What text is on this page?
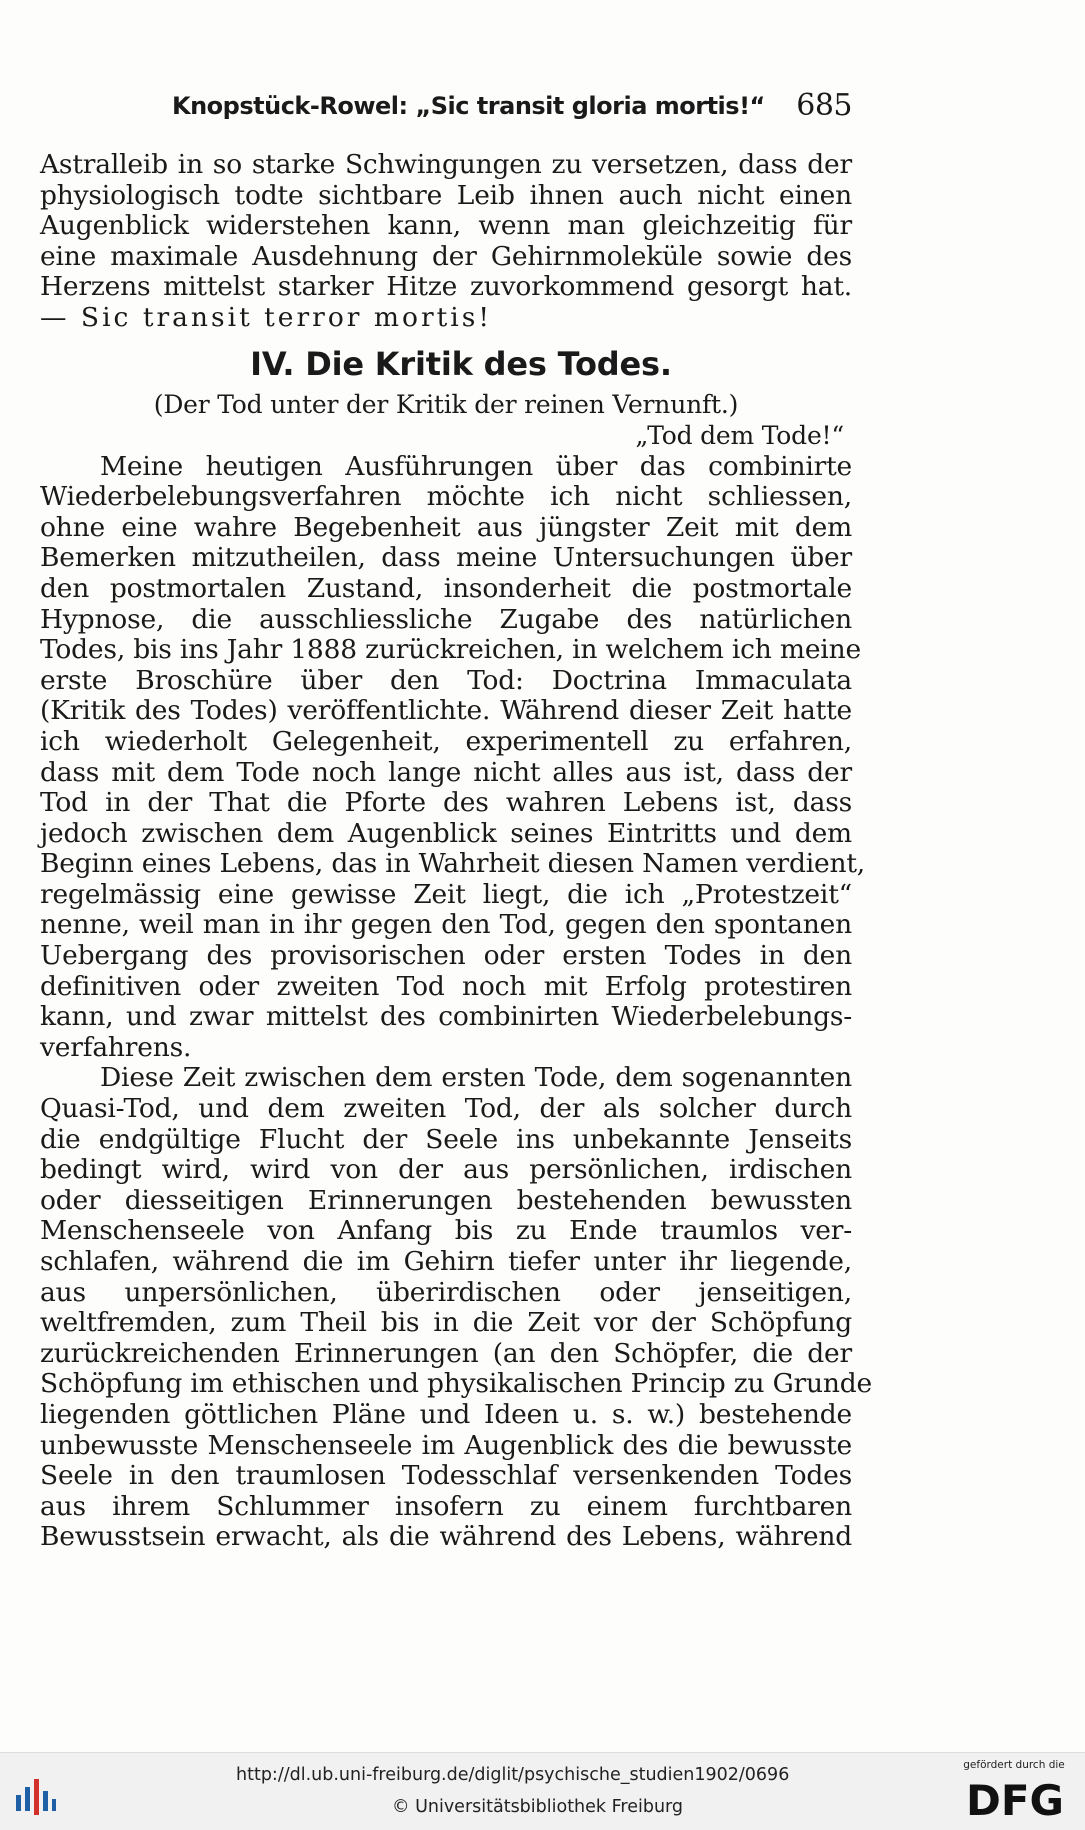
Knopstück-Rowel: „Sic transit gloria mortis!“ 685
Astralleib in so starke Schwingungen zu versetzen, dass der
physiologisch todte sichtbare Leib ihnen auch nicht einen
Augenblick widerstehen kann, wenn man gleichzeitig für
eine maximale Ausdehnung der Gehirnmoleküle sowie des
Herzens mittelst starker Hitze zuvorkommend gesorgt hat.
— Sic transit terror mortis!
IV. Die Kritik des Todes.
(Der Tod unter der Kritik der reinen Vernunft.)
„Tod dem Tode!“
Meine heutigen Ausführungen über das combinirte
Wiederbelebungsverfahren möchte ich nicht schliessen,
ohne eine wahre Begebenheit aus jüngster Zeit mit dem
Bemerken mitzutheilen, dass meine Untersuchungen über
den postmortalen Zustand, insonderheit die postmortale
Hypnose, die ausschliessliche Zugabe des natürlichen
Todes, bis ins Jahr 1888 zurückreichen, in welchem ich meine
erste Broschüre über den Tod: Doctrina Immaculata
(Kritik des Todes) veröffentlichte. Während dieser Zeit hatte
ich wiederholt Gelegenheit, experimentell zu erfahren,
dass mit dem Tode noch lange nicht alles aus ist, dass der
Tod in der That die Pforte des wahren Lebens ist, dass
jedoch zwischen dem Augenblick seines Eintritts und dem
Beginn eines Lebens, das in Wahrheit diesen Namen verdient,
regelmässig eine gewisse Zeit liegt, die ich „Protestzeit“
nenne, weil man in ihr gegen den Tod, gegen den spontanen
Uebergang des provisorischen oder ersten Todes in den
definitiven oder zweiten Tod noch mit Erfolg protestiren
kann, und zwar mittelst des combinirten Wiederbelebungs-
verfahrens.
Diese Zeit zwischen dem ersten Tode, dem sogenannten
Quasi-Tod, und dem zweiten Tod, der als solcher durch
die endgültige Flucht der Seele ins unbekannte Jenseits
bedingt wird, wird von der aus persönlichen, irdischen
oder diesseitigen Erinnerungen bestehenden bewussten
Menschenseele von Anfang bis zu Ende traumlos ver-
schlafen, während die im Gehirn tiefer unter ihr liegende,
aus unpersönlichen, überirdischen oder jenseitigen,
weltfremden, zum Theil bis in die Zeit vor der Schöpfung
zurückreichenden Erinnerungen (an den Schöpfer, die der
Schöpfung im ethischen und physikalischen Princip zu Grunde
liegenden göttlichen Pläne und Ideen u. s. w.) bestehende
unbewusste Menschenseele im Augenblick des die bewusste
Seele in den traumlosen Todesschlaf versenkenden Todes
aus ihrem Schlummer insofern zu einem furchtbaren
Bewusstsein erwacht, als die während des Lebens, während
http://dl.ub.uni-freiburg.de/diglit/psychische_studien1902/0696
© Universitätsbibliothek Freiburg
gefördert durch die
DFG
